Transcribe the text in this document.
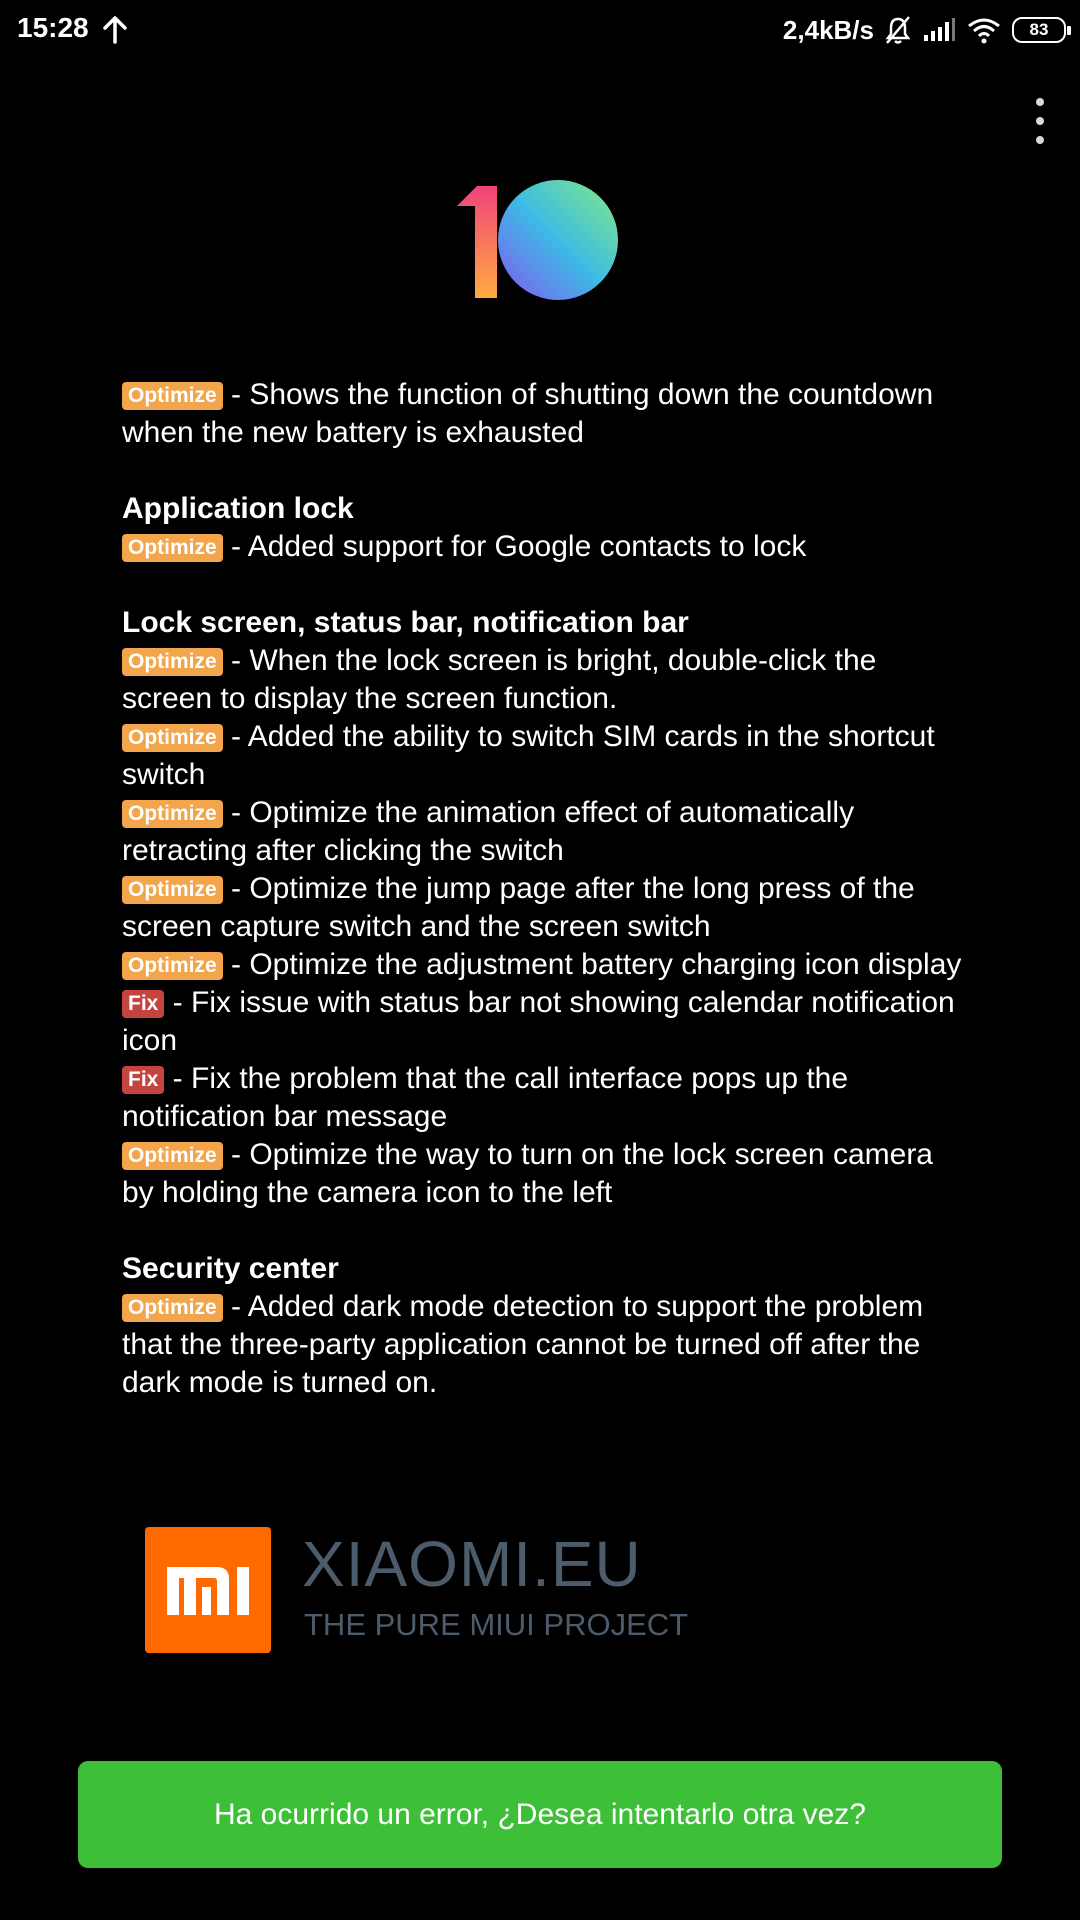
15:28	2,4kB/s	83

Optimize - Shows the function of shutting down the countdown when the new battery is exhausted

Application lock

Optimize - Added support for Google contacts to lock

Lock screen, status bar, notification bar

Optimize - When the lock screen is bright, double-click the screen to display the screen function.

Optimize - Added the ability to switch SIM cards in the shortcut switch

Optimize - Optimize the animation effect of automatically retracting after clicking the switch

Optimize - Optimize the jump page after the long press of the screen capture switch and the screen switch

Optimize - Optimize the adjustment battery charging icon display

Fix - Fix issue with status bar not showing calendar notification icon

Fix - Fix the problem that the call interface pops up the notification bar message

Optimize - Optimize the way to turn on the lock screen camera by holding the camera icon to the left

Security center

Optimize - Added dark mode detection to support the problem that the three-party application cannot be turned off after the dark mode is turned on.

XIAOMI.EU
THE PURE MIUI PROJECT
Ha ocurrido un error, ¿Desea intentarlo otra vez?
